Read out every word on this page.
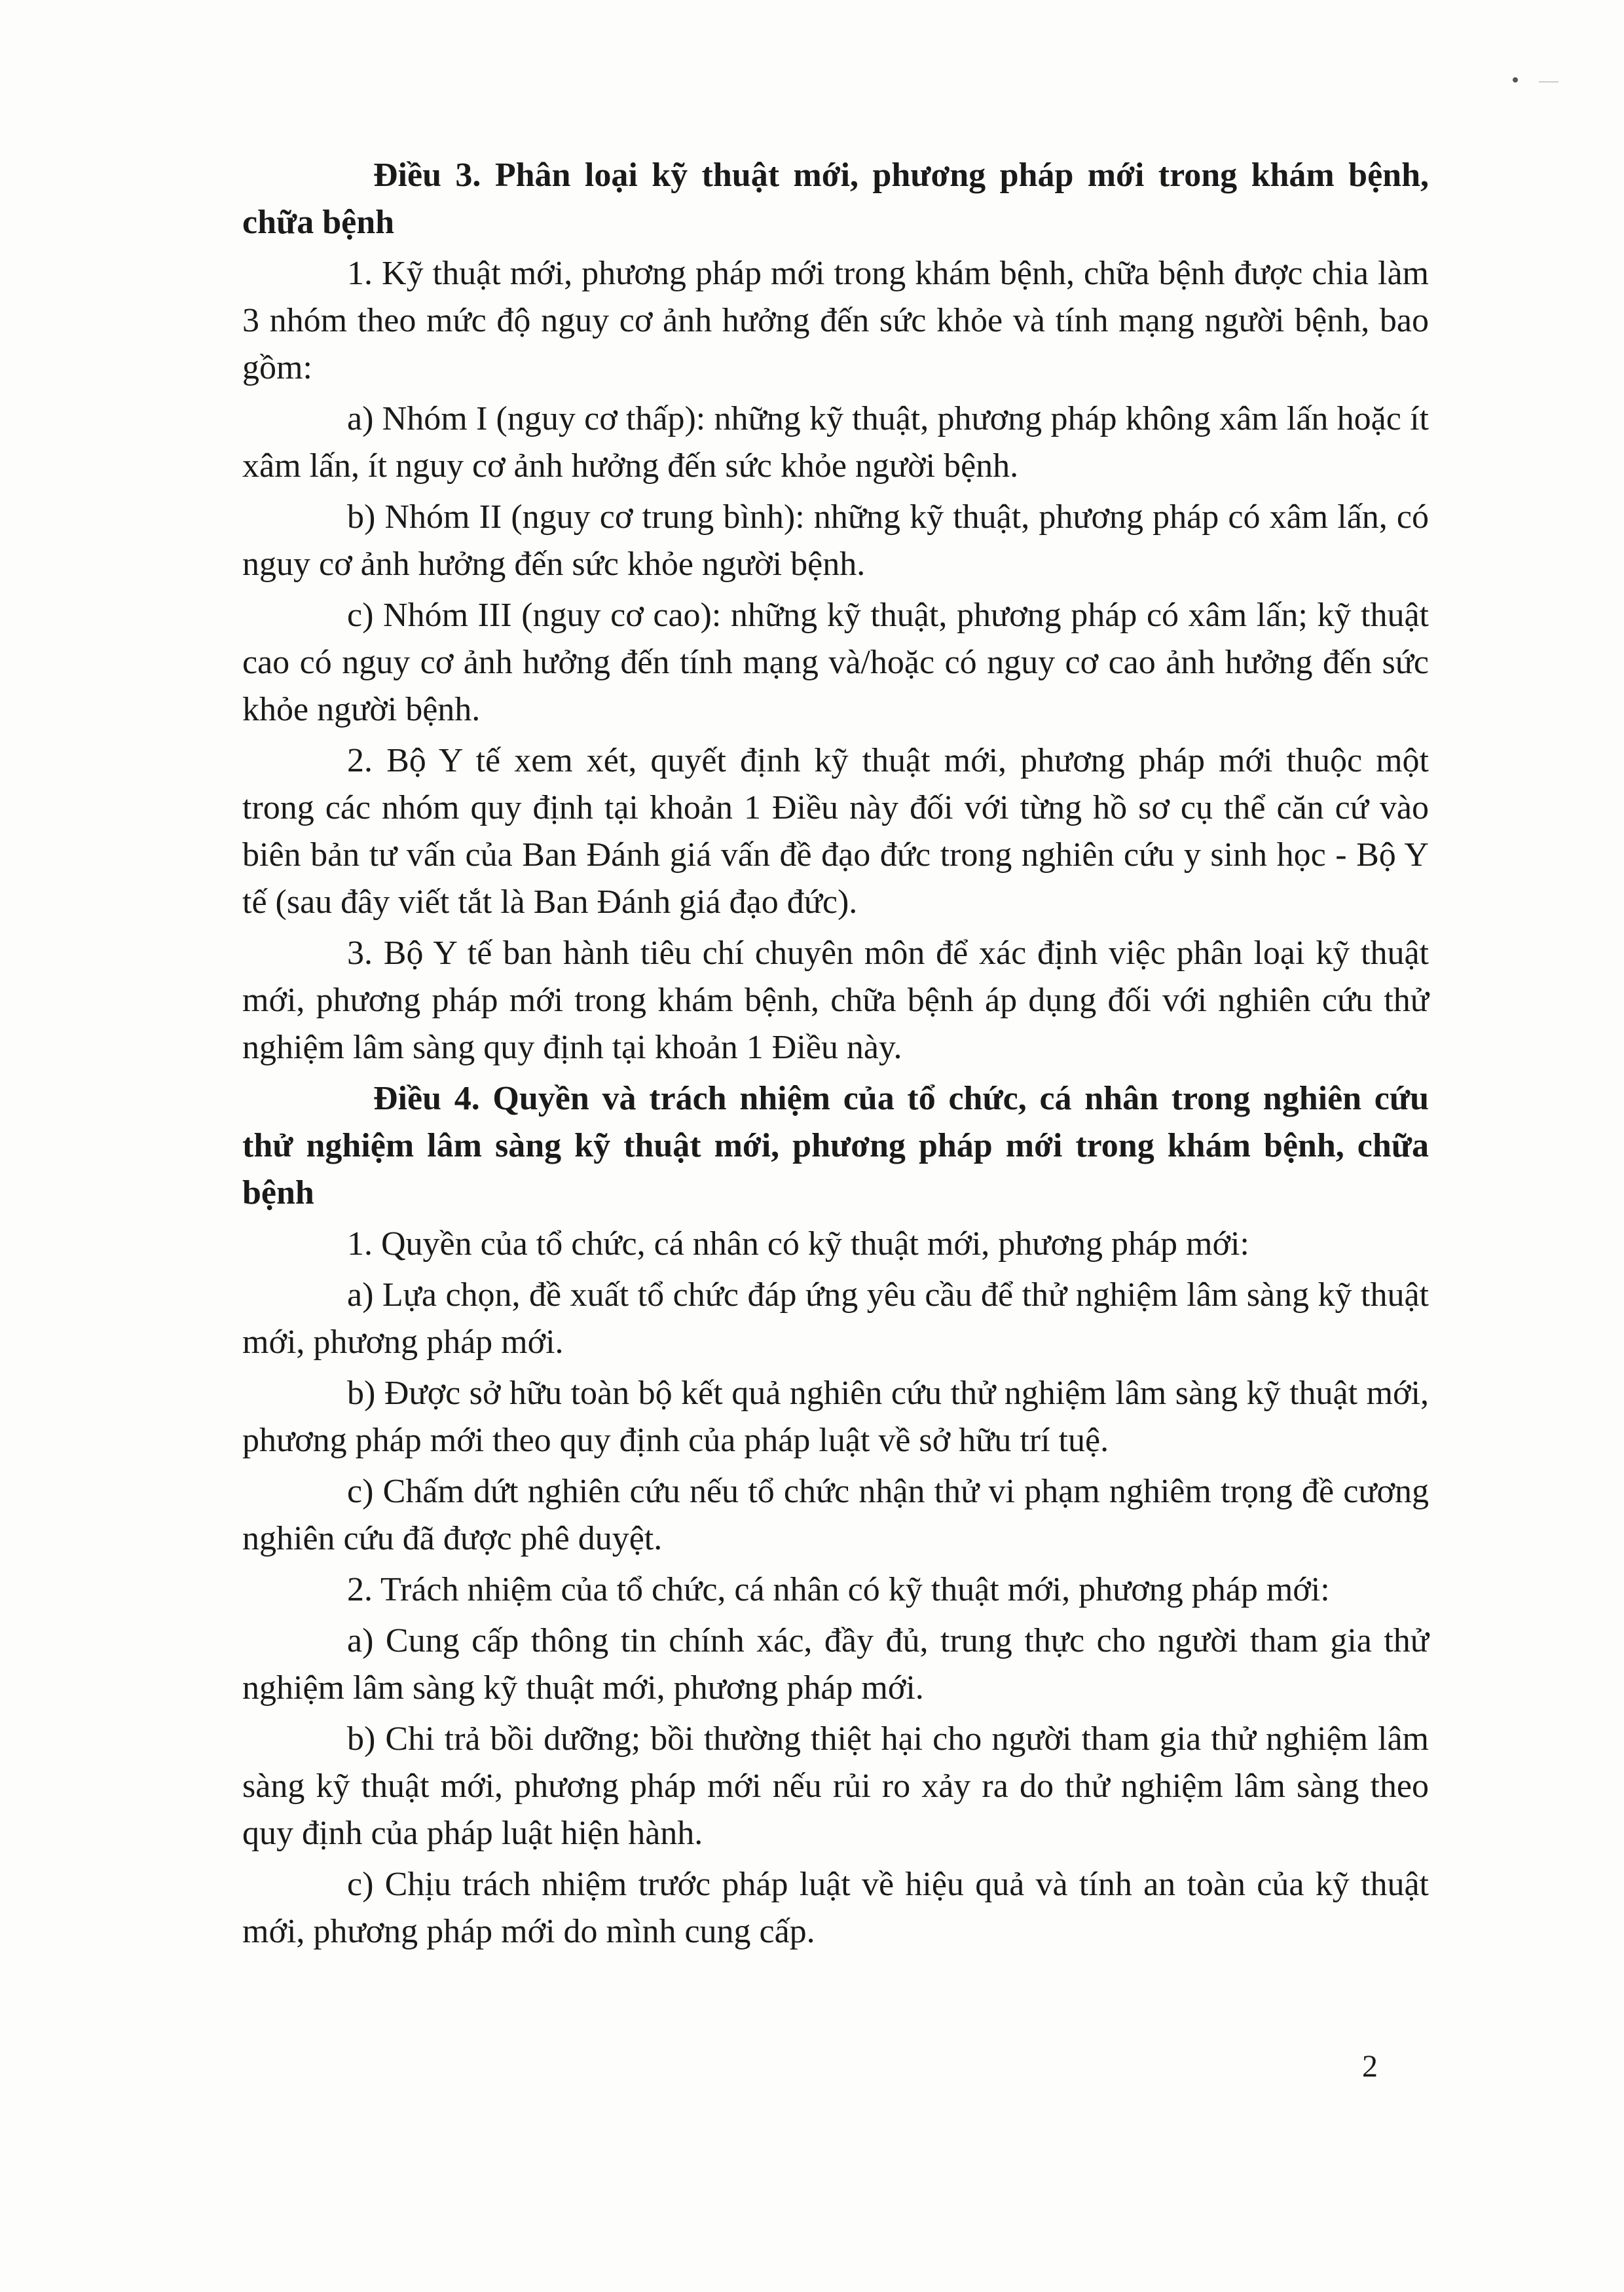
Điều 3. Phân loại kỹ thuật mới, phương pháp mới trong khám bệnh, chữa bệnh

1. Kỹ thuật mới, phương pháp mới trong khám bệnh, chữa bệnh được chia làm 3 nhóm theo mức độ nguy cơ ảnh hưởng đến sức khỏe và tính mạng người bệnh, bao gồm:

a) Nhóm I (nguy cơ thấp): những kỹ thuật, phương pháp không xâm lấn hoặc ít xâm lấn, ít nguy cơ ảnh hưởng đến sức khỏe người bệnh.

b) Nhóm II (nguy cơ trung bình): những kỹ thuật, phương pháp có xâm lấn, có nguy cơ ảnh hưởng đến sức khỏe người bệnh.

c) Nhóm III (nguy cơ cao): những kỹ thuật, phương pháp có xâm lấn; kỹ thuật cao có nguy cơ ảnh hưởng đến tính mạng và/hoặc có nguy cơ cao ảnh hưởng đến sức khỏe người bệnh.

2. Bộ Y tế xem xét, quyết định kỹ thuật mới, phương pháp mới thuộc một trong các nhóm quy định tại khoản 1 Điều này đối với từng hồ sơ cụ thể căn cứ vào biên bản tư vấn của Ban Đánh giá vấn đề đạo đức trong nghiên cứu y sinh học - Bộ Y tế (sau đây viết tắt là Ban Đánh giá đạo đức).

3. Bộ Y tế ban hành tiêu chí chuyên môn để xác định việc phân loại kỹ thuật mới, phương pháp mới trong khám bệnh, chữa bệnh áp dụng đối với nghiên cứu thử nghiệm lâm sàng quy định tại khoản 1 Điều này.

Điều 4. Quyền và trách nhiệm của tổ chức, cá nhân trong nghiên cứu thử nghiệm lâm sàng kỹ thuật mới, phương pháp mới trong khám bệnh, chữa bệnh

1. Quyền của tổ chức, cá nhân có kỹ thuật mới, phương pháp mới:

a) Lựa chọn, đề xuất tổ chức đáp ứng yêu cầu để thử nghiệm lâm sàng kỹ thuật mới, phương pháp mới.

b) Được sở hữu toàn bộ kết quả nghiên cứu thử nghiệm lâm sàng kỹ thuật mới, phương pháp mới theo quy định của pháp luật về sở hữu trí tuệ.

c) Chấm dứt nghiên cứu nếu tổ chức nhận thử vi phạm nghiêm trọng đề cương nghiên cứu đã được phê duyệt.

2. Trách nhiệm của tổ chức, cá nhân có kỹ thuật mới, phương pháp mới:

a) Cung cấp thông tin chính xác, đầy đủ, trung thực cho người tham gia thử nghiệm lâm sàng kỹ thuật mới, phương pháp mới.

b) Chi trả bồi dưỡng; bồi thường thiệt hại cho người tham gia thử nghiệm lâm sàng kỹ thuật mới, phương pháp mới nếu rủi ro xảy ra do thử nghiệm lâm sàng theo quy định của pháp luật hiện hành.

c) Chịu trách nhiệm trước pháp luật về hiệu quả và tính an toàn của kỹ thuật mới, phương pháp mới do mình cung cấp.

2
